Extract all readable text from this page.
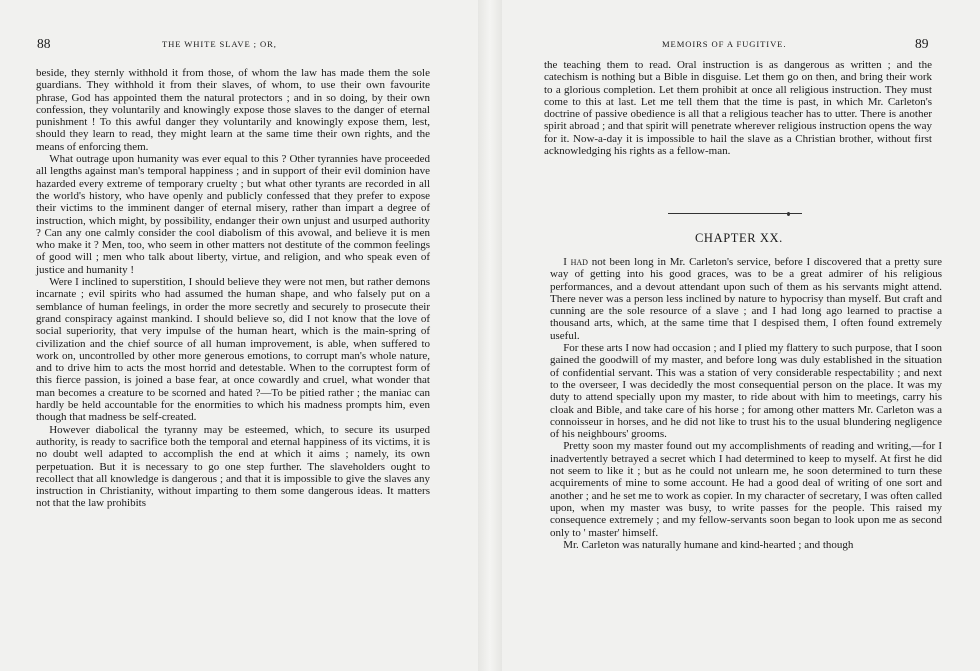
88	THE WHITE SLAVE ; OR,

beside, they sternly withhold it from those, of whom the law has made them the sole guardians. They withhold it from their slaves, of whom, to use their own favourite phrase, God has appointed them the natural protectors ; and in so doing, by their own confession, they voluntarily and knowingly expose those slaves to the danger of eternal punishment ! To this awful danger they voluntarily and knowingly expose them, lest, should they learn to read, they might learn at the same time their own rights, and the means of enforcing them.

What outrage upon humanity was ever equal to this ? Other tyrannies have proceeded all lengths against man's temporal happiness ; and in support of their evil dominion have hazarded every extreme of temporary cruelty ; but what other tyrants are recorded in all the world's history, who have openly and publicly confessed that they prefer to expose their victims to the imminent danger of eternal misery, rather than impart a degree of instruction, which might, by possibility, endanger their own unjust and usurped authority ? Can any one calmly consider the cool diabolism of this avowal, and believe it is men who make it ? Men, too, who seem in other matters not destitute of the common feelings of good will ; men who talk about liberty, virtue, and religion, and who speak even of justice and humanity !

Were I inclined to superstition, I should believe they were not men, but rather demons incarnate ; evil spirits who had assumed the human shape, and who falsely put on a semblance of human feelings, in order the more secretly and securely to prosecute their grand conspiracy against mankind. I should believe so, did I not know that the love of social superiority, that very impulse of the human heart, which is the main-spring of civilization and the chief source of all human improvement, is able, when suffered to work on, uncontrolled by other more generous emotions, to corrupt man's whole nature, and to drive him to acts the most horrid and detestable. When to the corruptest form of this fierce passion, is joined a base fear, at once cowardly and cruel, what wonder that man becomes a creature to be scorned and hated ?—To be pitied rather ; the maniac can hardly be held accountable for the enormities to which his madness prompts him, even though that madness be self-created.

However diabolical the tyranny may be esteemed, which, to secure its usurped authority, is ready to sacrifice both the temporal and eternal happiness of its victims, it is no doubt well adapted to accomplish the end at which it aims ; namely, its own perpetuation. But it is necessary to go one step further. The slaveholders ought to recollect that all knowledge is dangerous ; and that it is impossible to give the slaves any instruction in Christianity, without imparting to them some dangerous ideas. It matters not that the law prohibits

MEMOIRS OF A FUGITIVE.	89

the teaching them to read. Oral instruction is as dangerous as written ; and the catechism is nothing but a Bible in disguise. Let them go on then, and bring their work to a glorious completion. Let them prohibit at once all religious instruction. They must come to this at last. Let me tell them that the time is past, in which Mr. Carleton's doctrine of passive obedience is all that a religious teacher has to utter. There is another spirit abroad ; and that spirit will penetrate wherever religious instruction opens the way for it. Now-a-day it is impossible to hail the slave as a Christian brother, without first acknowledging his rights as a fellow-man.

CHAPTER XX.

I had not been long in Mr. Carleton's service, before I discovered that a pretty sure way of getting into his good graces, was to be a great admirer of his religious performances, and a devout attendant upon such of them as his servants might attend. There never was a person less inclined by nature to hypocrisy than myself. But craft and cunning are the sole resource of a slave ; and I had long ago learned to practise a thousand arts, which, at the same time that I despised them, I often found extremely useful.

For these arts I now had occasion ; and I plied my flattery to such purpose, that I soon gained the goodwill of my master, and before long was duly established in the situation of confidential servant. This was a station of very considerable respectability ; and next to the overseer, I was decidedly the most consequential person on the place. It was my duty to attend specially upon my master, to ride about with him to meetings, carry his cloak and Bible, and take care of his horse ; for among other matters Mr. Carleton was a connoisseur in horses, and he did not like to trust his to the usual blundering negligence of his neighbours' grooms.

Pretty soon my master found out my accomplishments of reading and writing,—for I inadvertently betrayed a secret which I had determined to keep to myself. At first he did not seem to like it ; but as he could not unlearn me, he soon determined to turn these acquirements of mine to some account. He had a good deal of writing of one sort and another ; and he set me to work as copier. In my character of secretary, I was often called upon, when my master was busy, to write passes for the people. This raised my consequence extremely ; and my fellow-servants soon began to look upon me as second only to ' master' himself.

Mr. Carleton was naturally humane and kind-hearted ; and though
